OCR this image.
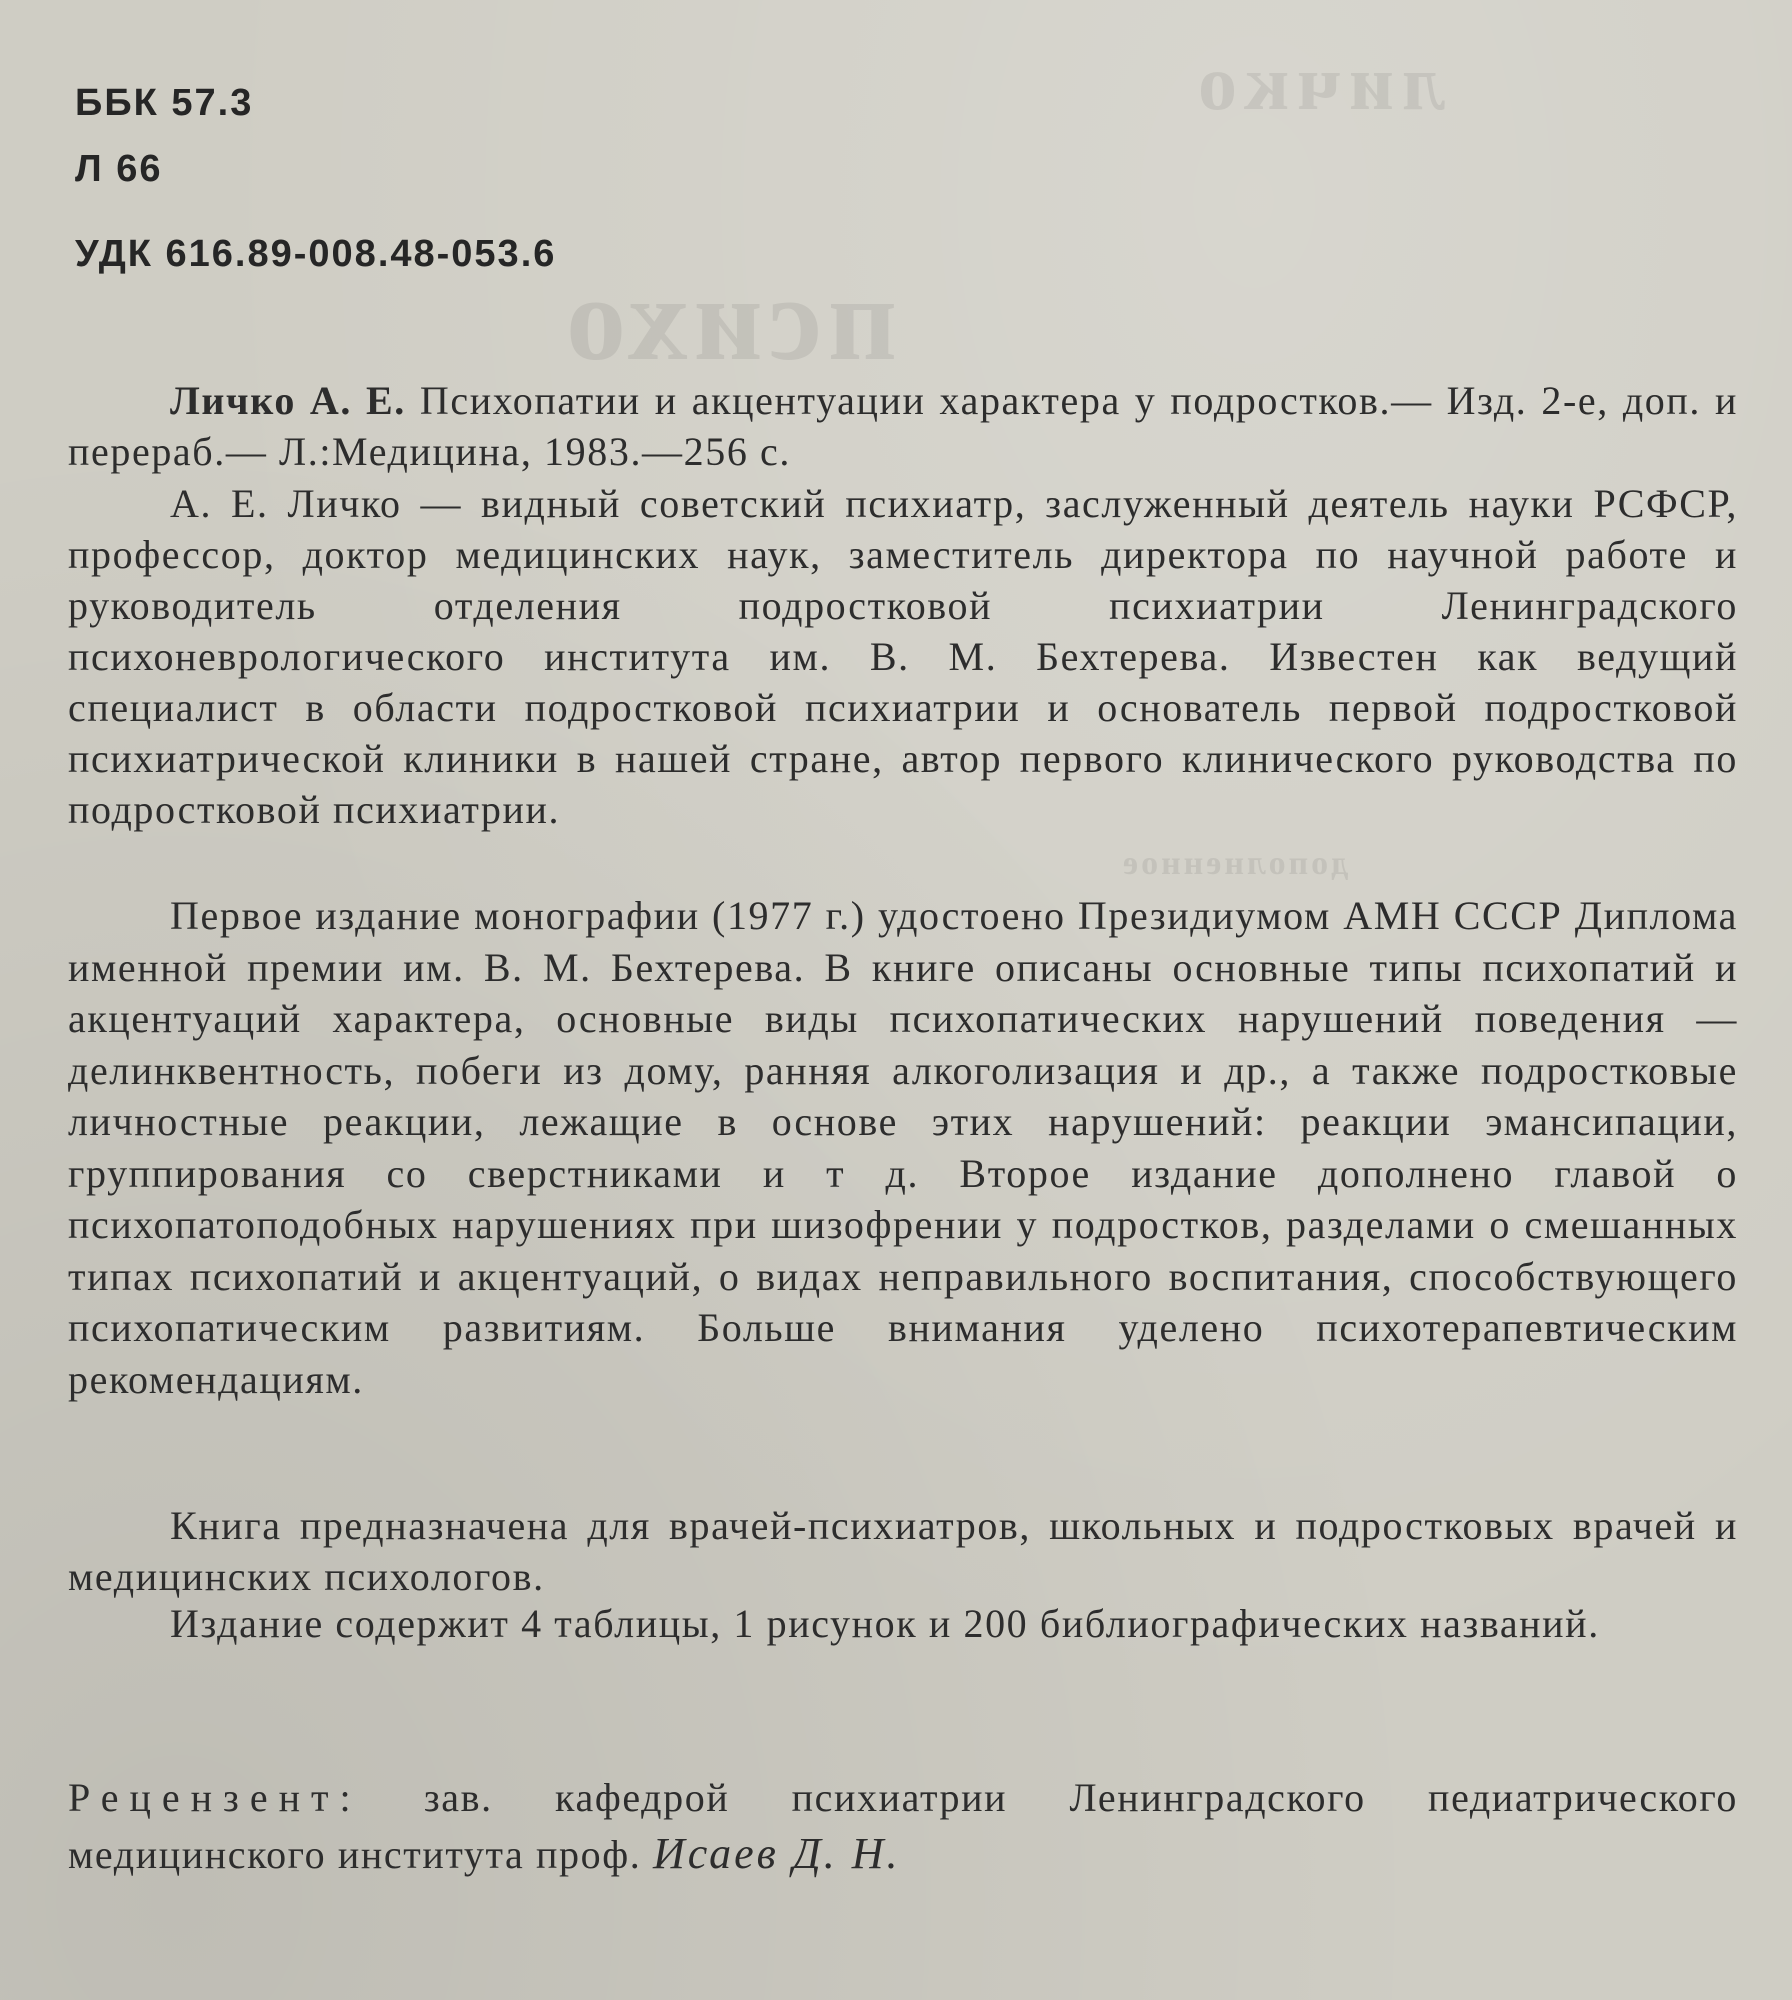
личко
психо
дополненное
ББК 57.3
Л 66
УДК 616.89-008.48-053.6

Личко А. Е. Психопатии и акцентуации характера у подростков.— Изд. 2-е, доп. и перераб.— Л.:Медицина, 1983.—256 с.

А. Е. Личко — видный советский психиатр, заслуженный деятель науки РСФСР, профессор, доктор медицинских наук, заместитель директора по научной работе и руководитель отделения подростковой психиатрии Ленинградского психоневрологического института им. В. М. Бехтерева. Известен как ведущий специалист в области подростковой психиатрии и основатель первой подростковой психиатрической клиники в нашей стране, автор первого клинического руководства по подростковой психиатрии.

Первое издание монографии (1977 г.) удостоено Президиумом АМН СССР Диплома именной премии им. В. М. Бехтерева. В книге описаны основные типы психопатий и акцентуаций характера, основные виды психопатических нарушений поведения — делинквентность, побеги из дому, ранняя алкоголизация и др., а также подростковые личностные реакции, лежащие в основе этих нарушений: реакции эмансипации, группирования со сверстниками и т д. Второе издание дополнено главой о психопатоподобных нарушениях при шизофрении у подростков, разделами о смешанных типах психопатий и акцентуаций, о видах неправильного воспитания, способствующего психопатическим развитиям. Больше внимания уделено психотерапевтическим рекомендациям.

Книга предназначена для врачей-психиатров, школьных и подростковых врачей и медицинских психологов.

Издание содержит 4 таблицы, 1 рисунок и 200 библиографических названий.

Рецензент: зав. кафедрой психиатрии Ленинградского педиатрического медицинского института проф. Исаев Д. Н.
